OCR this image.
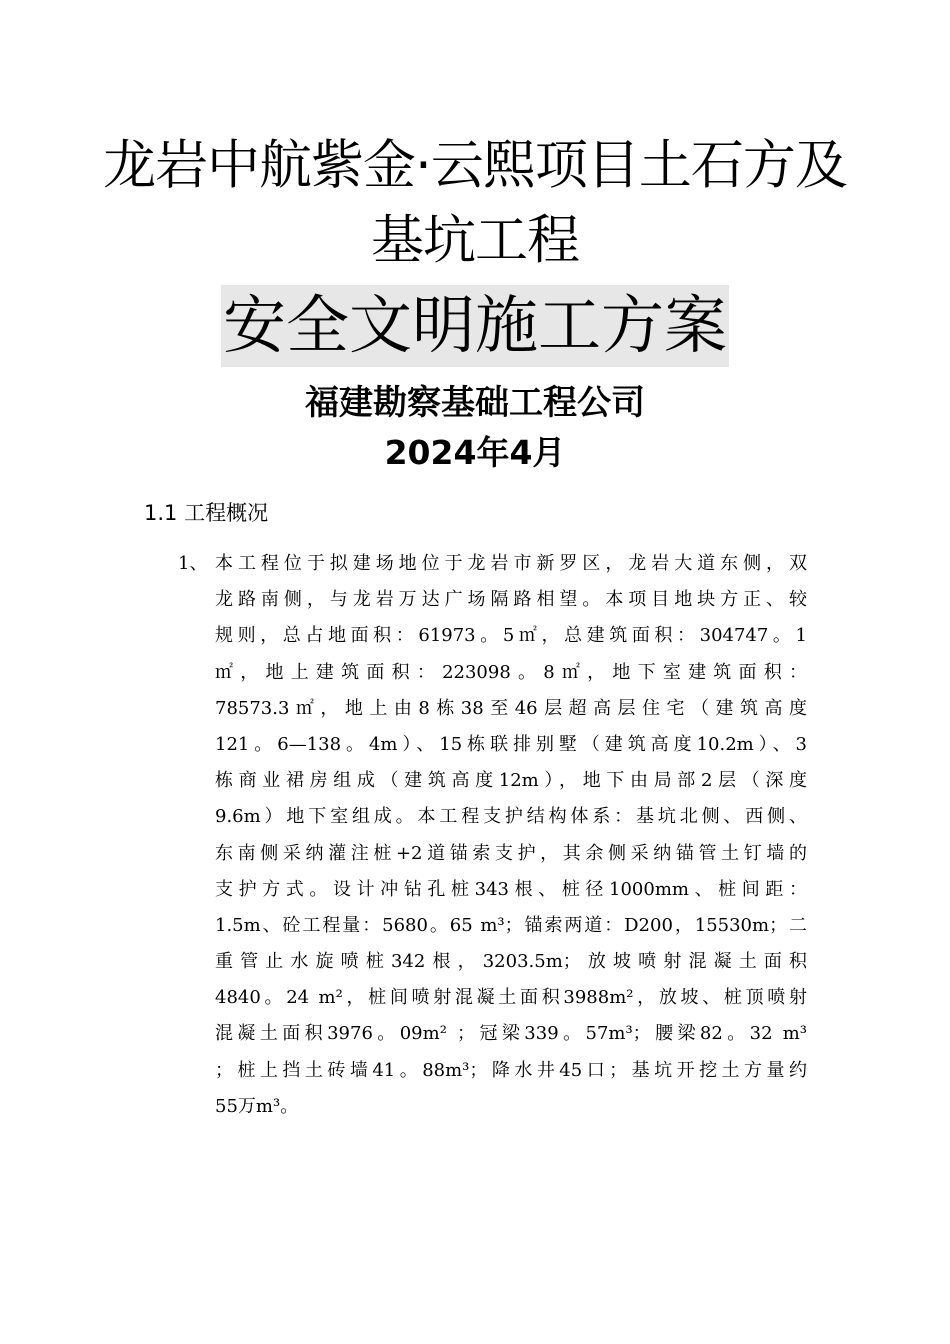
龙岩中航紫金·云熙项目土石方及
基坑工程
安全文明施工方案
福建勘察基础工程公司
2024年4月
1.1 工程概况
1、 本工程位于拟建场地位于龙岩市新罗区，龙岩大道东侧，双
龙路南侧，与龙岩万达广场隔路相望。本项目地块方正、较
规则，总占地面积：61973。5㎡，总建筑面积：304747。1
㎡，地上建筑面积：223098。8㎡，地下室建筑面积：
78573.3㎡，地上由8栋38至46层超高层住宅（建筑高度
121。6—138。4m）、15栋联排别墅（建筑高度10.2m）、3
栋商业裙房组成（建筑高度12m），地下由局部2层（深度
9.6m）地下室组成。本工程支护结构体系：基坑北侧、西侧、
东南侧采纳灌注桩+2道锚索支护，其余侧采纳锚管土钉墙的
支护方式。设计冲钻孔桩343根、桩径1000mm、桩间距：
1.5m、砼工程量：5680。65 m³；锚索两道：D200，15530m；二
重管止水旋喷桩342根，3203.5m；放坡喷射混凝土面积
4840。24 m²，桩间喷射混凝土面积3988m²，放坡、桩顶喷射
混凝土面积3976。09m² ；冠梁339。57m³；腰梁82。32 m³
；桩上挡土砖墙41。88m³；降水井45口；基坑开挖土方量约
55万m³。
